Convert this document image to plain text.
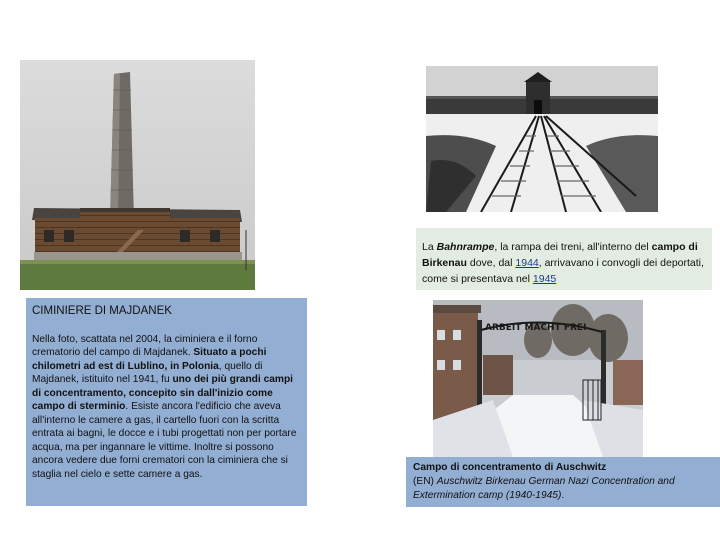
La Bahnrampe, la rampa dei treni, all'interno del campo di Birkenau dove, dal 1944, arrivavano i convogli dei deportati, come si presentava nel 1945
CIMINIERE DI MAJDANEK

Nella foto, scattata nel 2004, la ciminiera e il forno crematorio del campo di Majdanek. Situato a pochi chilometri ad est di Lublino, in Polonia, quello di Majdanek, istituito nel 1941, fu uno dei più grandi campi di concentramento, concepito sin dall'inizio come campo di sterminio. Esiste ancora l'edificio che aveva all'interno le camere a gas, il cartello fuori con la scritta entrata ai bagni, le docce e i tubi progettati non per portare acqua, ma per ingannare le vittime. Inoltre si possono ancora vedere due forni crematori con la ciminiera che si staglia nel cielo e sette camere a gas.

ARBEIT MACHT FREI
Campo di concentramento di Auschwitz
(EN) Auschwitz Birkenau German Nazi Concentration and Extermination camp (1940-1945).
